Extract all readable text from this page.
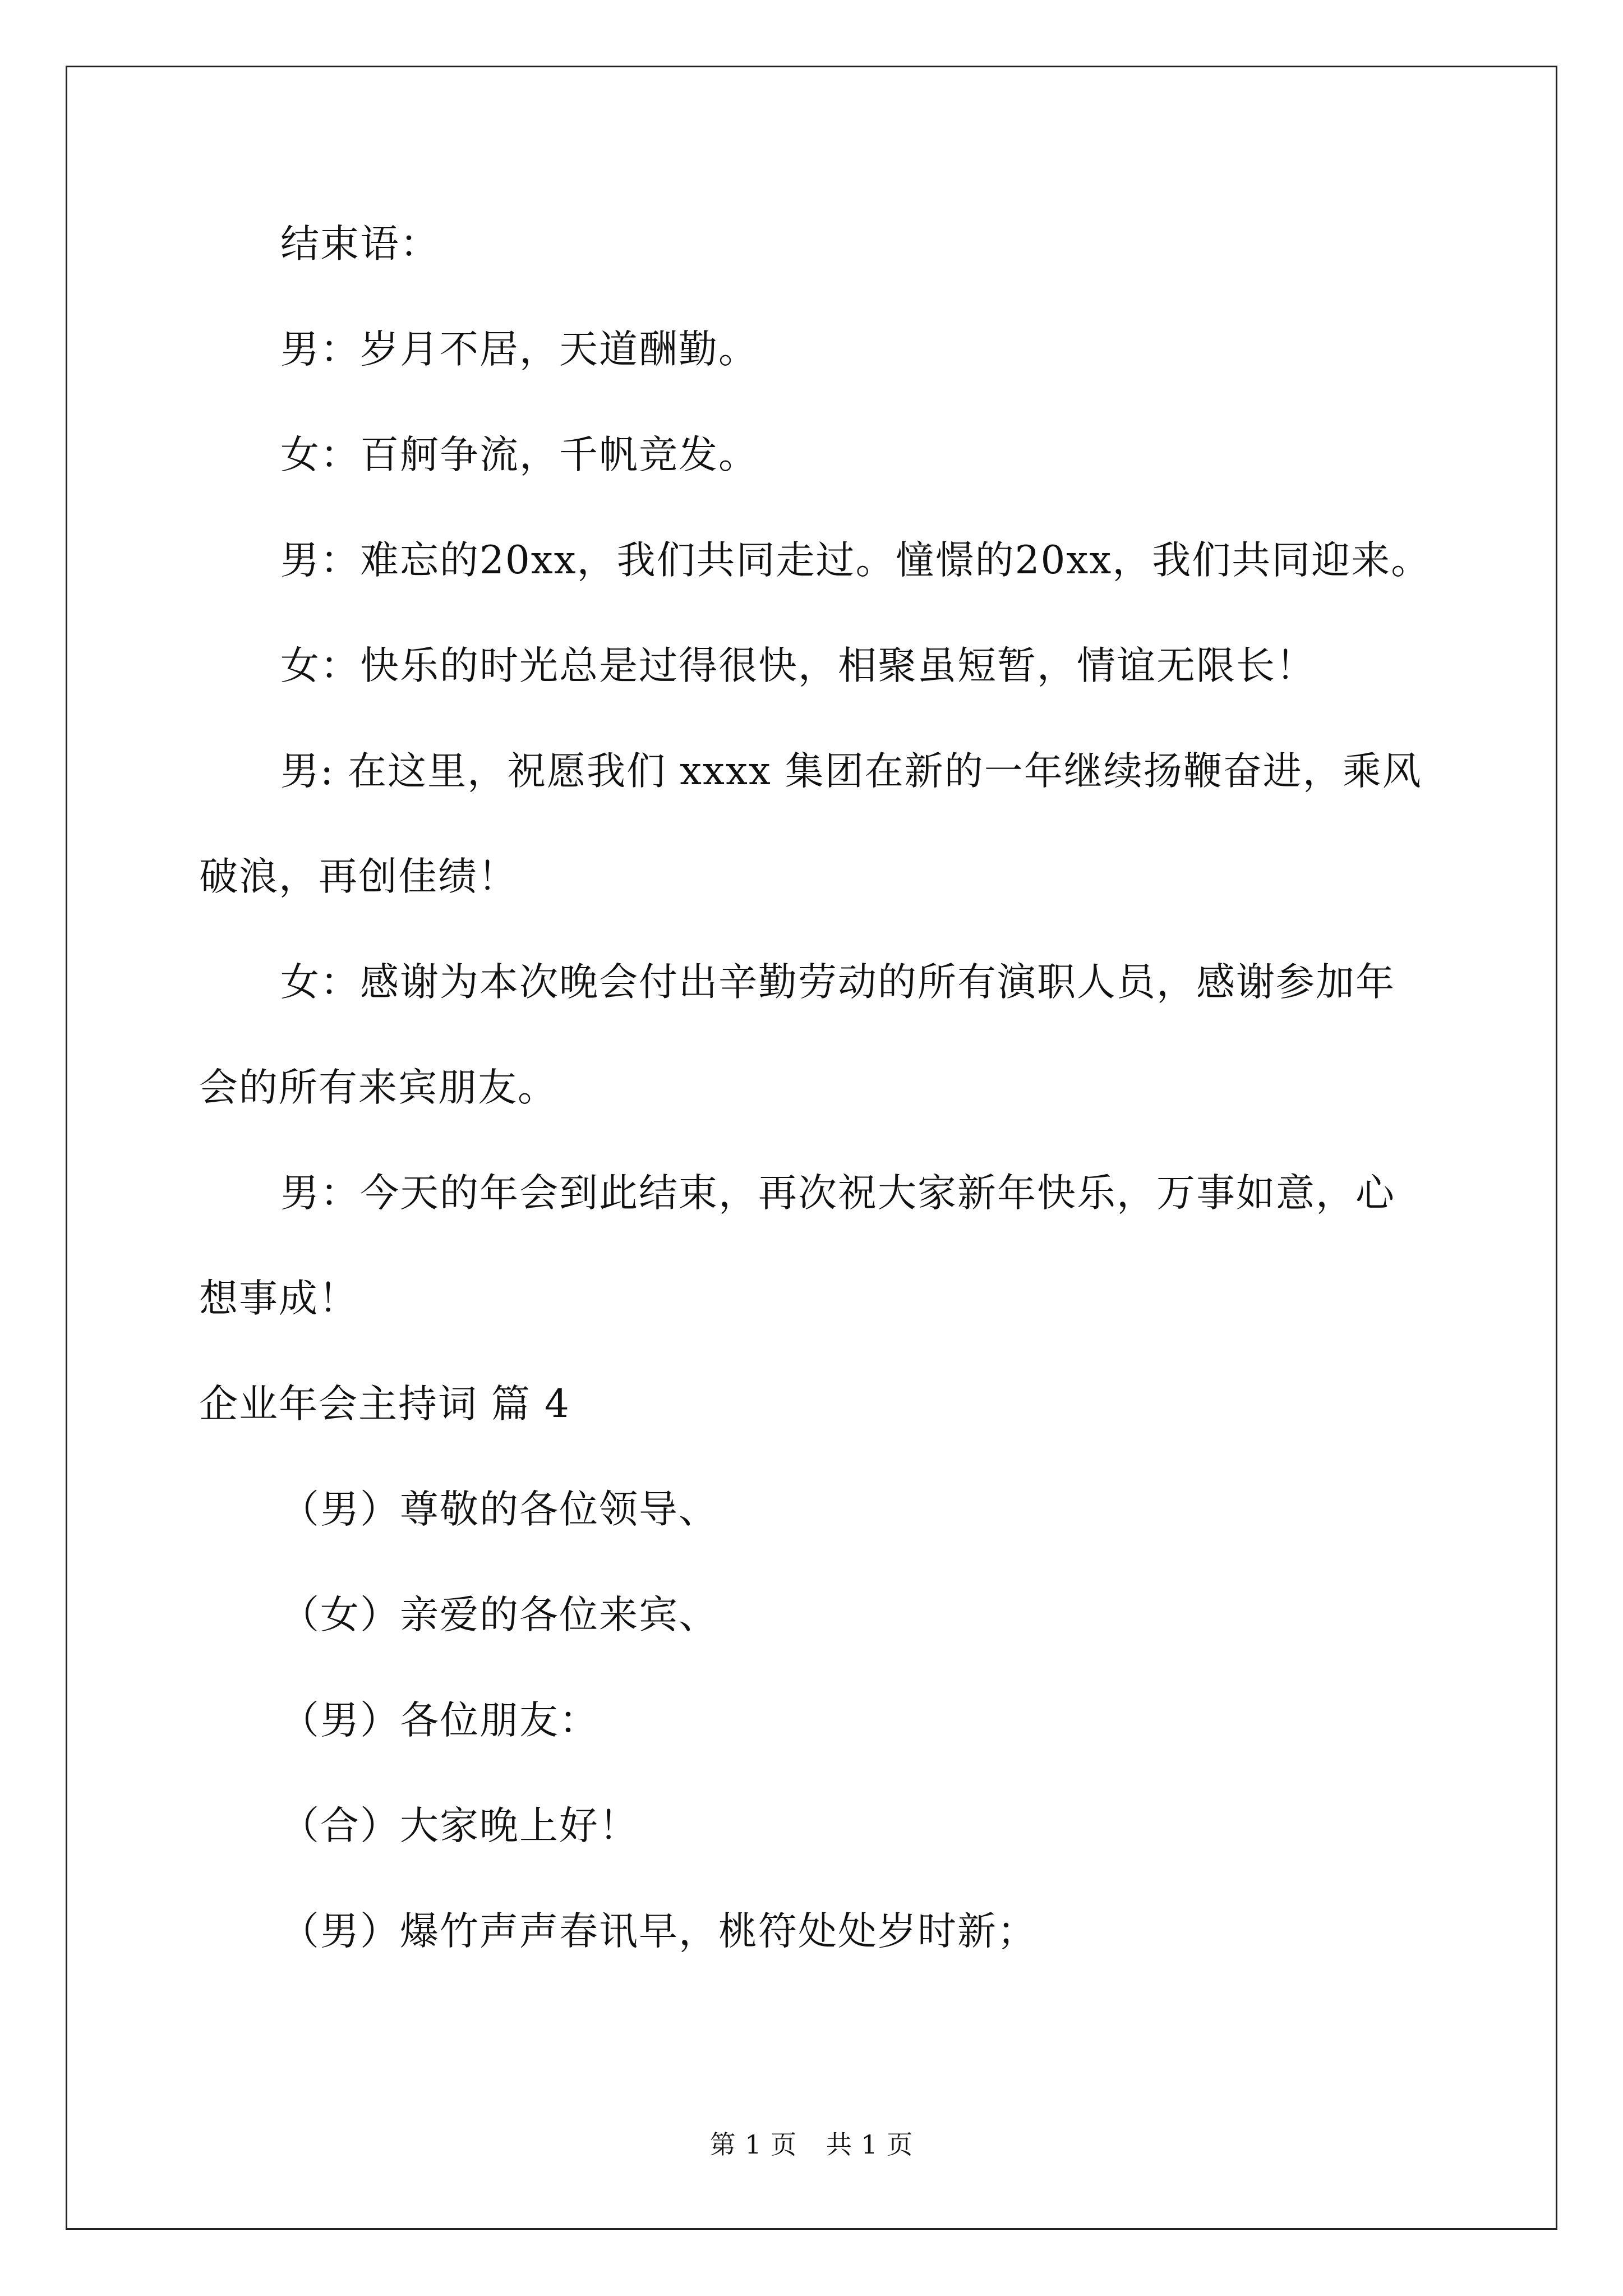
结束语：
男：岁月不居，天道酬勤。
女：百舸争流，千帆竞发。
男：难忘的20xx，我们共同走过。憧憬的20xx，我们共同迎来。
女：快乐的时光总是过得很快，相聚虽短暂，情谊无限长！
男: 在这里，祝愿我们 xxxx 集团在新的一年继续扬鞭奋进，乘风
破浪，再创佳绩！
女：感谢为本次晚会付出辛勤劳动的所有演职人员，感谢参加年
会的所有来宾朋友。
男：今天的年会到此结束，再次祝大家新年快乐，万事如意，心
想事成！
企业年会主持词 篇 4
（男）尊敬的各位领导、
（女）亲爱的各位来宾、
（男）各位朋友：
（合）大家晚上好！
（男）爆竹声声春讯早，桃符处处岁时新；
第 1 页 共 1 页
